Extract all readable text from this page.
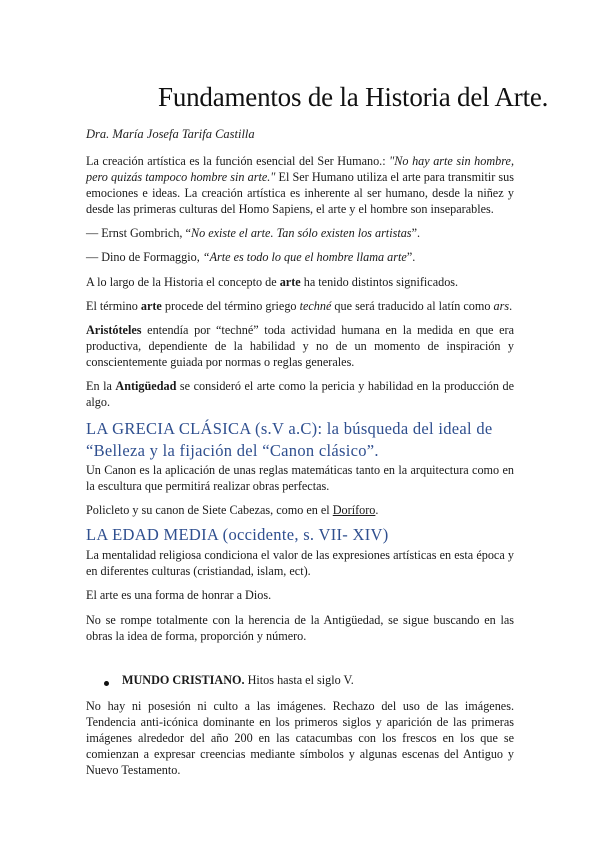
Fundamentos de la Historia del Arte.
Dra. María Josefa Tarifa Castilla
La creación artística es la función esencial del Ser Humano.: "No hay arte sin hombre, pero quizás tampoco hombre sin arte." El Ser Humano utiliza el arte para transmitir sus emociones e ideas. La creación artística es inherente al ser humano, desde la niñez y desde las primeras culturas del Homo Sapiens, el arte y el hombre son inseparables.
— Ernst Gombrich, “No existe el arte. Tan sólo existen los artistas”.
— Dino de Formaggio, “Arte es todo lo que el hombre llama arte”.
A lo largo de la Historia el concepto de arte ha tenido distintos significados.
El término arte procede del término griego techné que será traducido al latín como ars.
Aristóteles entendía por “techné” toda actividad humana en la medida en que era productiva, dependiente de la habilidad y no de un momento de inspiración y conscientemente guiada por normas o reglas generales.
En la Antigüedad se consideró el arte como la pericia y habilidad en la producción de algo.
LA GRECIA CLÁSICA (s.V a.C): la búsqueda del ideal de “Belleza y la fijación del “Canon clásico”.
Un Canon es la aplicación de unas reglas matemáticas tanto en la arquitectura como en la escultura que permitirá realizar obras perfectas.
Policleto y su canon de Siete Cabezas, como en el Doríforo.
LA EDAD MEDIA (occidente, s. VII- XIV)
La mentalidad religiosa condiciona el valor de las expresiones artísticas en esta época y en diferentes culturas (cristiandad, islam, ect).
El arte es una forma de honrar a Dios.
No se rompe totalmente con la herencia de la Antigüedad, se sigue buscando en las obras la idea de forma, proporción y número.
MUNDO CRISTIANO. Hitos hasta el siglo V.
No hay ni posesión ni culto a las imágenes. Rechazo del uso de las imágenes. Tendencia anti-icónica dominante en los primeros siglos y aparición de las primeras imágenes alrededor del año 200 en las catacumbas con los frescos en los que se comienzan a expresar creencias mediante símbolos y algunas escenas del Antiguo y Nuevo Testamento.
